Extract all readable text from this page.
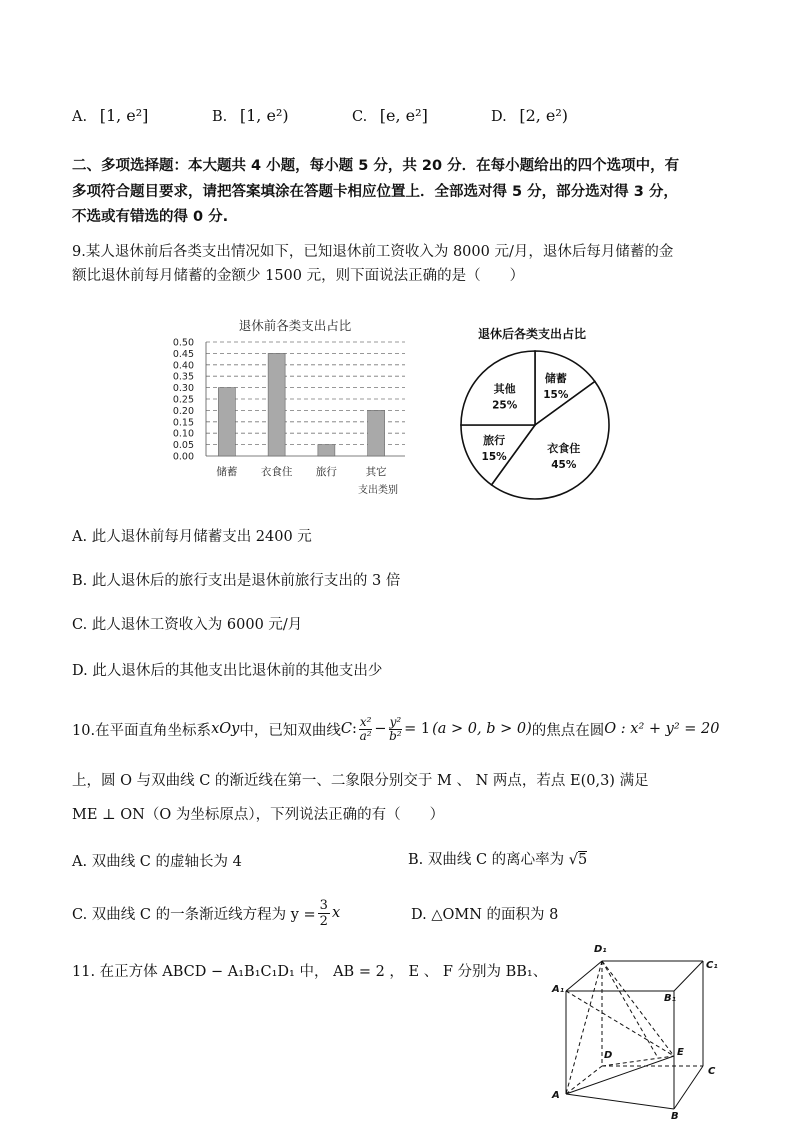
A. [1, e²]	B. [1, e²)	C. [e, e²]	D. [2, e²)
二、多项选择题：本大题共 4 小题，每小题 5 分，共 20 分．在每小题给出的四个选项中，有
多项符合题目要求，请把答案填涂在答题卡相应位置上．全部选对得 5 分，部分选对得 3 分，
不选或有错选的得 0 分.
9.某人退休前后各类支出情况如下，已知退休前工资收入为 8000 元/月，退休后每月储蓄的金
额比退休前每月储蓄的金额少 1500 元，则下面说法正确的是（　　）
退休前各类支出占比
0.00
0.05
0.10
0.15
0.20
0.25
0.30
0.35
0.40
0.45
0.50
储蓄 衣食住 旅行	其它
支出类别
退休后各类支出占比
储蓄
15%
衣食住
45%
旅行
15%
其他
25%
A. 此人退休前每月储蓄支出 2400 元
B. 此人退休后的旅行支出是退休前旅行支出的 3 倍
C. 此人退休工资收入为 6000 元/月
D. 此人退休后的其他支出比退休前的其他支出少
10.在平面直角坐标系 xOy 中，已知双曲线 C : $\frac{\text{x²}}{\text{a²}} - \frac{\text{y²}}{\text{b²}} = 1$ (a > 0, b > 0) 的焦点在圆 O : x² + y² = 20
上，圆 O 与双曲线 C 的渐近线在第一、二象限分别交于 M 、 N 两点，若点 E(0,3) 满足
ME ⊥ ON（O 为坐标原点），下列说法正确的有（　　）
A. 双曲线 C 的虚轴长为 4	B. 双曲线 C 的离心率为 √5
C. 双曲线 C 的一条渐近线方程为 $y = \frac{3}{2}$ x	D. △OMN 的面积为 8
11. 在正方体 ABCD − A₁B₁C₁D₁ 中， AB = 2 ， E 、 F 分别为 BB₁、
D₁
C₁
A₁
B₁
D	E
C
A
B
